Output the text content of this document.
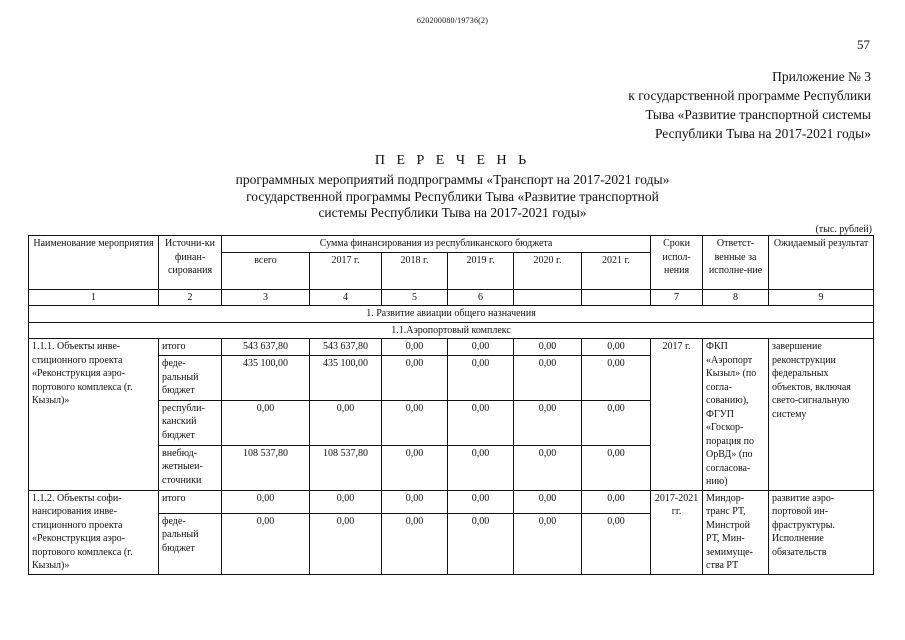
620200080/19736(2)
57
Приложение № 3
к государственной программе Республики
Тыва «Развитие транспортной системы
Республики Тыва на 2017-2021 годы»
П Е Р Е Ч Е Н Ь
программных мероприятий подпрограммы «Транспорт на 2017-2021 годы»
государственной программы Республики Тыва «Развитие транспортной
системы Республики Тыва на 2017-2021 годы»
(тыс. рублей)
Наименование мероприятия	Источни-ки финан-сирования	Сумма финансирования из республиканского бюджета						Сроки испол-нения	Ответст-венные за исполне-ние	Ожидаемый результат
		всего	2017 г.	2018 г.	2019 г.	2020 г.	2021 г.			
1	2	3	4	5	6			7	8	9
1. Развитие авиации общего назначения										
1.1.Аэропортовый комплекс										
1.1.1. Объекты инве-стиционного проекта «Реконструкция аэро-портового комплекса (г. Кызыл)»	итого	543 637,80	543 637,80	0,00	0,00	0,00	0,00	2017 г.	ФКП «Аэропорт Кызыл» (по согла-сованию), ФГУП «Госкор-порация по ОрВД» (по согласова-нию)	завершение реконструкции федеральных объектов, включая свето-сигнальную систему
	феде-ральный бюджет	435 100,00	435 100,00	0,00	0,00	0,00	0,00			
	республи-канский бюджет	0,00	0,00	0,00	0,00	0,00	0,00			
	внебюд-жетныеи-сточники	108 537,80	108 537,80	0,00	0,00	0,00	0,00			
1.1.2. Объекты софи-нансирования инве-стиционного проекта «Реконструкция аэро-портового комплекса (г. Кызыл)»	итого	0,00	0,00	0,00	0,00	0,00	0,00	2017-2021 гг.	Миндор-транс РТ, Минстрой РТ, Мин-земимуще-ства РТ	развитие аэро-портовой ин-фраструктуры. Исполнение обязательств
	феде-ральный бюджет	0,00	0,00	0,00	0,00	0,00	0,00			
